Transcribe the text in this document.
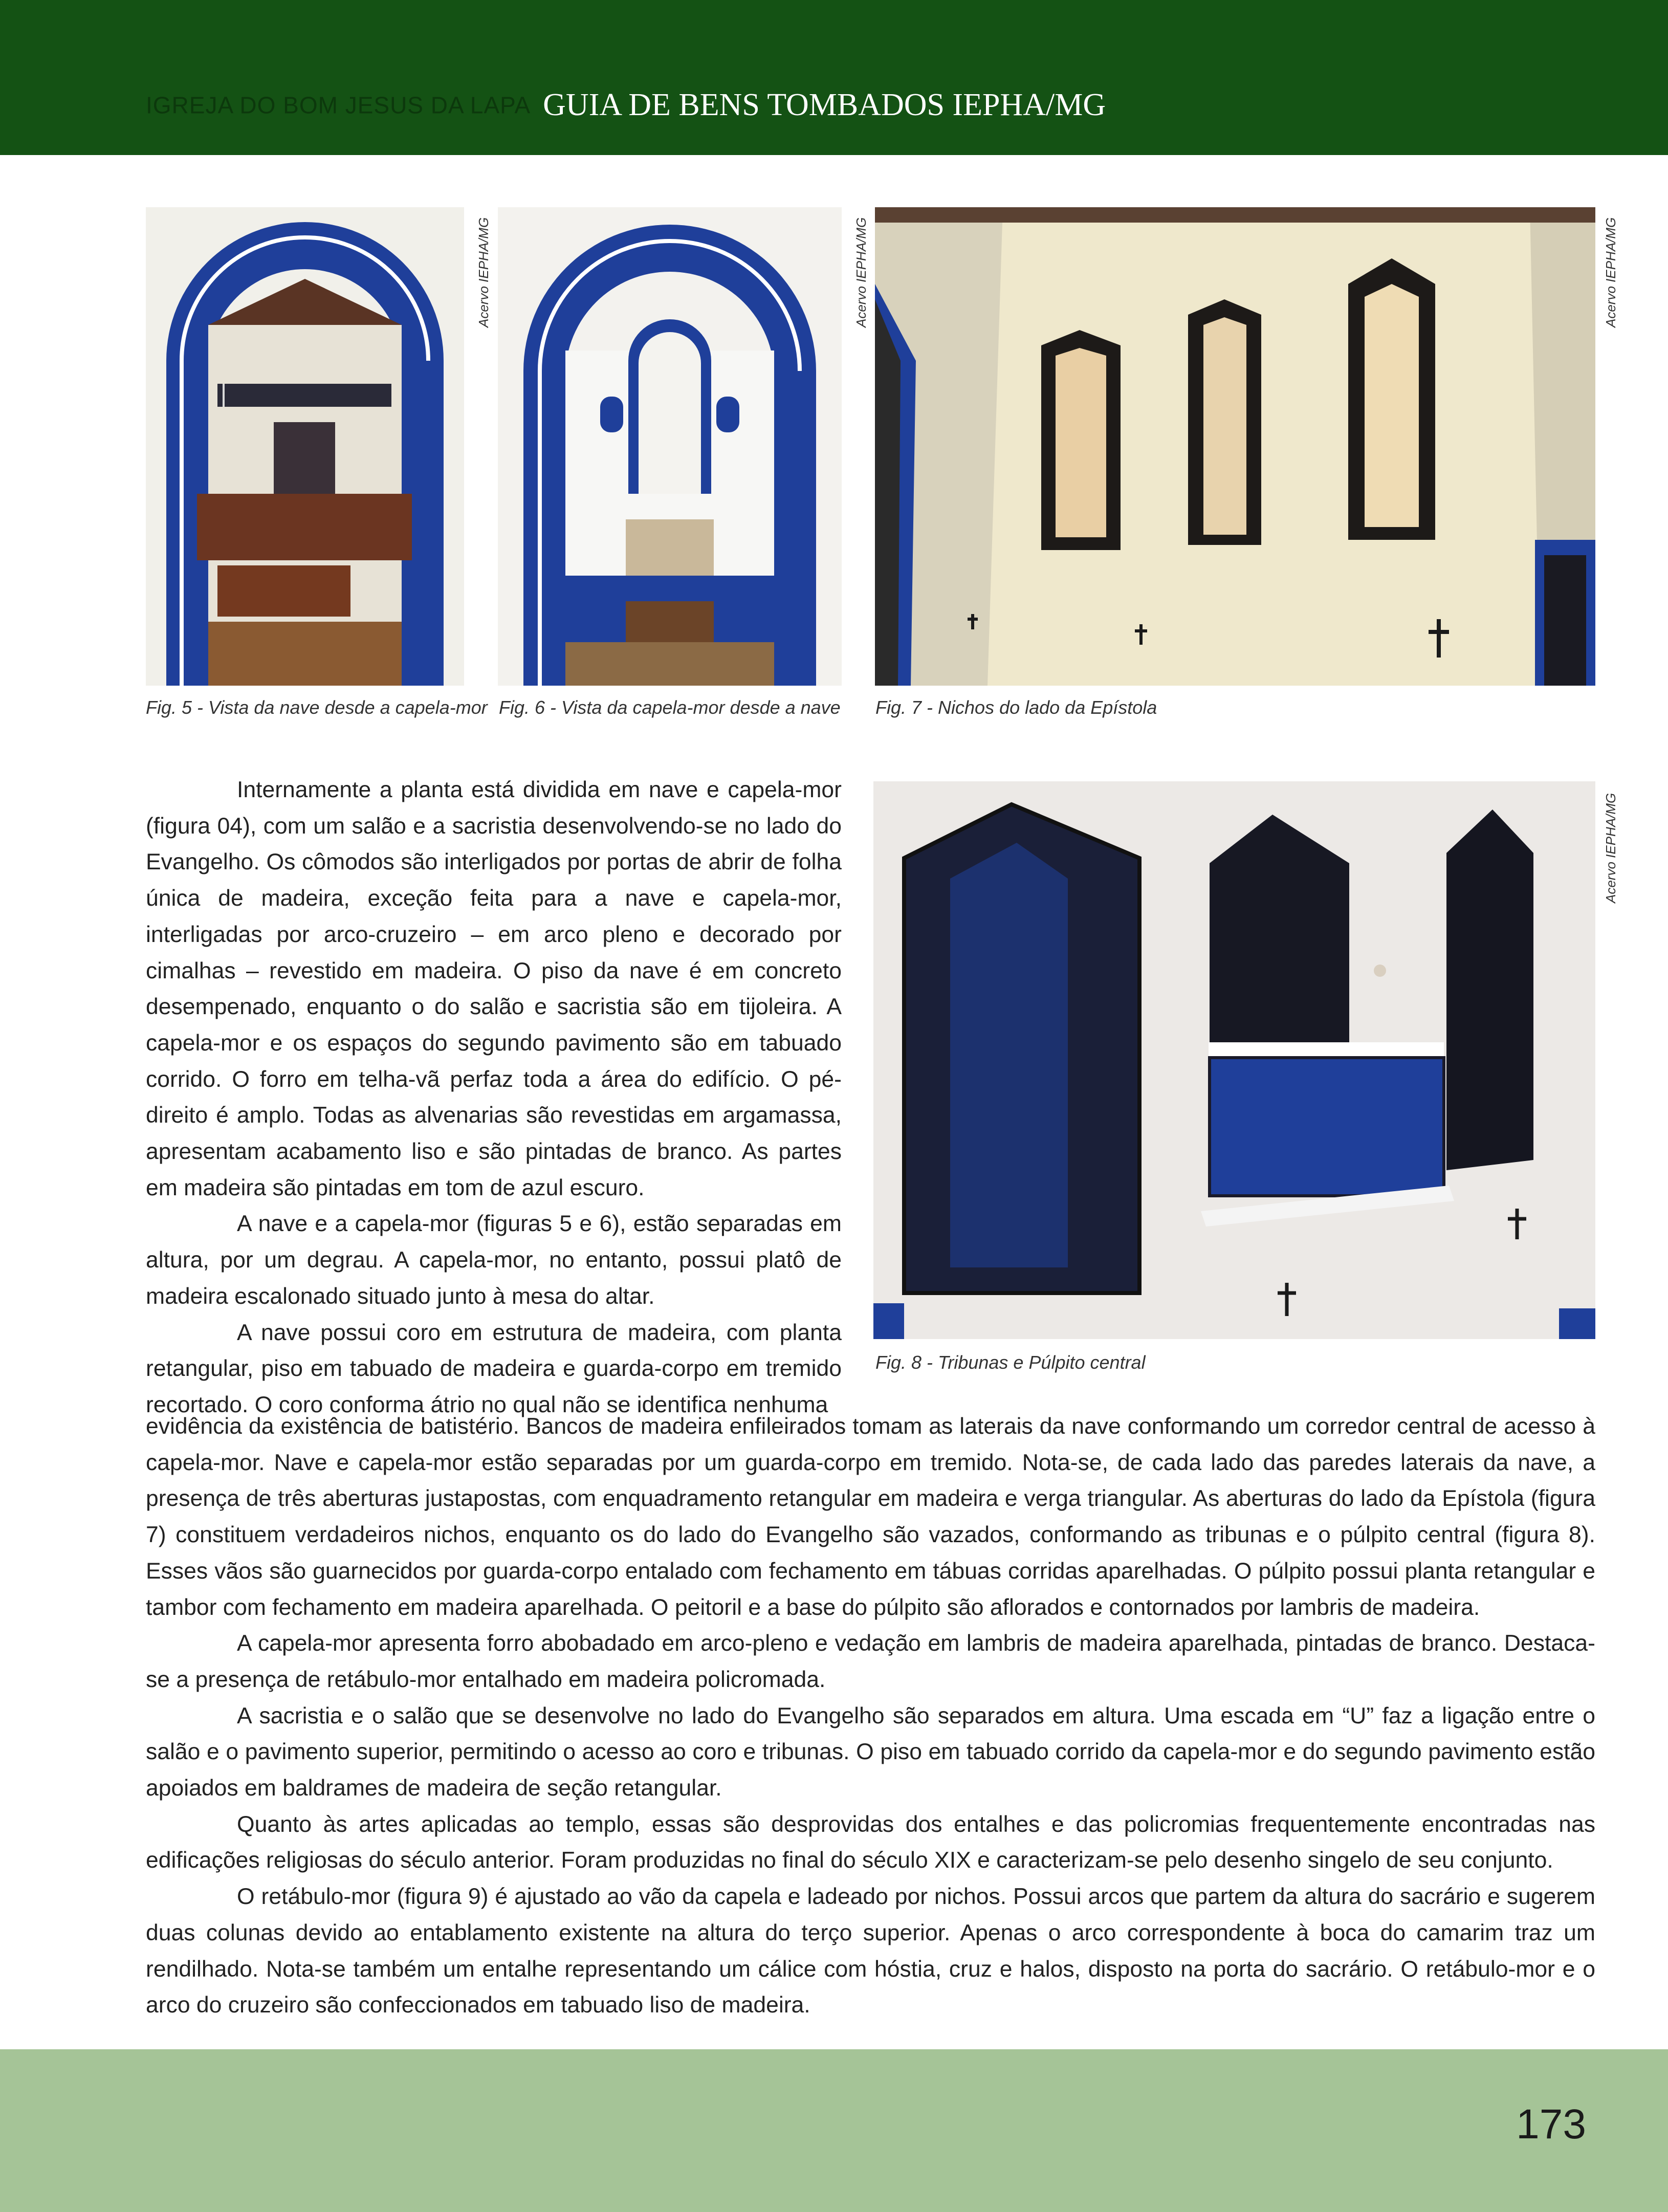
IGREJA DO BOM JESUS DA LAPA GUIA DE BENS TOMBADOS IEPHA/MG
Acervo IEPHA/MG
Fig. 5 - Vista da nave desde a capela-mor
Acervo IEPHA/MG
Fig. 6 - Vista da capela-mor desde a nave
Acervo IEPHA/MG
Fig. 7 - Nichos do lado da Epístola
Acervo IEPHA/MG
Fig. 8 - Tribunas e Púlpito central

Internamente a planta está dividida em nave e capela-mor (figura 04), com um salão e a sacristia desenvolvendo-se no lado do Evangelho. Os cômodos são interligados por portas de abrir de folha única de madeira, exceção feita para a nave e capela-mor, interligadas por arco-cruzeiro – em arco pleno e decorado por cimalhas – revestido em madeira. O piso da nave é em concreto desempenado, enquanto o do salão e sacristia são em tijoleira. A capela-mor e os espaços do segundo pavimento são em tabuado corrido. O forro em telha-vã perfaz toda a área do edifício. O pé-direito é amplo. Todas as alvenarias são revestidas em argamassa, apresentam acabamento liso e são pintadas de branco. As partes em madeira são pintadas em tom de azul escuro.

A nave e a capela-mor (figuras 5 e 6), estão separadas em altura, por um degrau. A capela-mor, no entanto, possui platô de madeira escalonado situado junto à mesa do altar.

A nave possui coro em estrutura de madeira, com planta retangular, piso em tabuado de madeira e guarda-corpo em tremido recortado. O coro conforma átrio no qual não se identifica nenhuma

evidência da existência de batistério. Bancos de madeira enfileirados tomam as laterais da nave conformando um corredor central de acesso à capela-mor. Nave e capela-mor estão separadas por um guarda-corpo em tremido. Nota-se, de cada lado das paredes laterais da nave, a presença de três aberturas justapostas, com enquadramento retangular em madeira e verga triangular. As aberturas do lado da Epístola (figura 7) constituem verdadeiros nichos, enquanto os do lado do Evangelho são vazados, conformando as tribunas e o púlpito central (figura 8). Esses vãos são guarnecidos por guarda-corpo entalado com fechamento em tábuas corridas aparelhadas. O púlpito possui planta retangular e tambor com fechamento em madeira aparelhada. O peitoril e a base do púlpito são aflorados e contornados por lambris de madeira.

A capela-mor apresenta forro abobadado em arco-pleno e vedação em lambris de madeira aparelhada, pintadas de branco. Destaca-se a presença de retábulo-mor entalhado em madeira policromada.

A sacristia e o salão que se desenvolve no lado do Evangelho são separados em altura. Uma escada em “U” faz a ligação entre o salão e o pavimento superior, permitindo o acesso ao coro e tribunas. O piso em tabuado corrido da capela-mor e do segundo pavimento estão apoiados em baldrames de madeira de seção retangular.

Quanto às artes aplicadas ao templo, essas são desprovidas dos entalhes e das policromias frequentemente encontradas nas edificações religiosas do século anterior. Foram produzidas no final do século XIX e caracterizam-se pelo desenho singelo de seu conjunto.

O retábulo-mor (figura 9) é ajustado ao vão da capela e ladeado por nichos. Possui arcos que partem da altura do sacrário e sugerem duas colunas devido ao entablamento existente na altura do terço superior. Apenas o arco correspondente à boca do camarim traz um rendilhado. Nota-se também um entalhe representando um cálice com hóstia, cruz e halos, disposto na porta do sacrário. O retábulo-mor e o arco do cruzeiro são confeccionados em tabuado liso de madeira.

173
